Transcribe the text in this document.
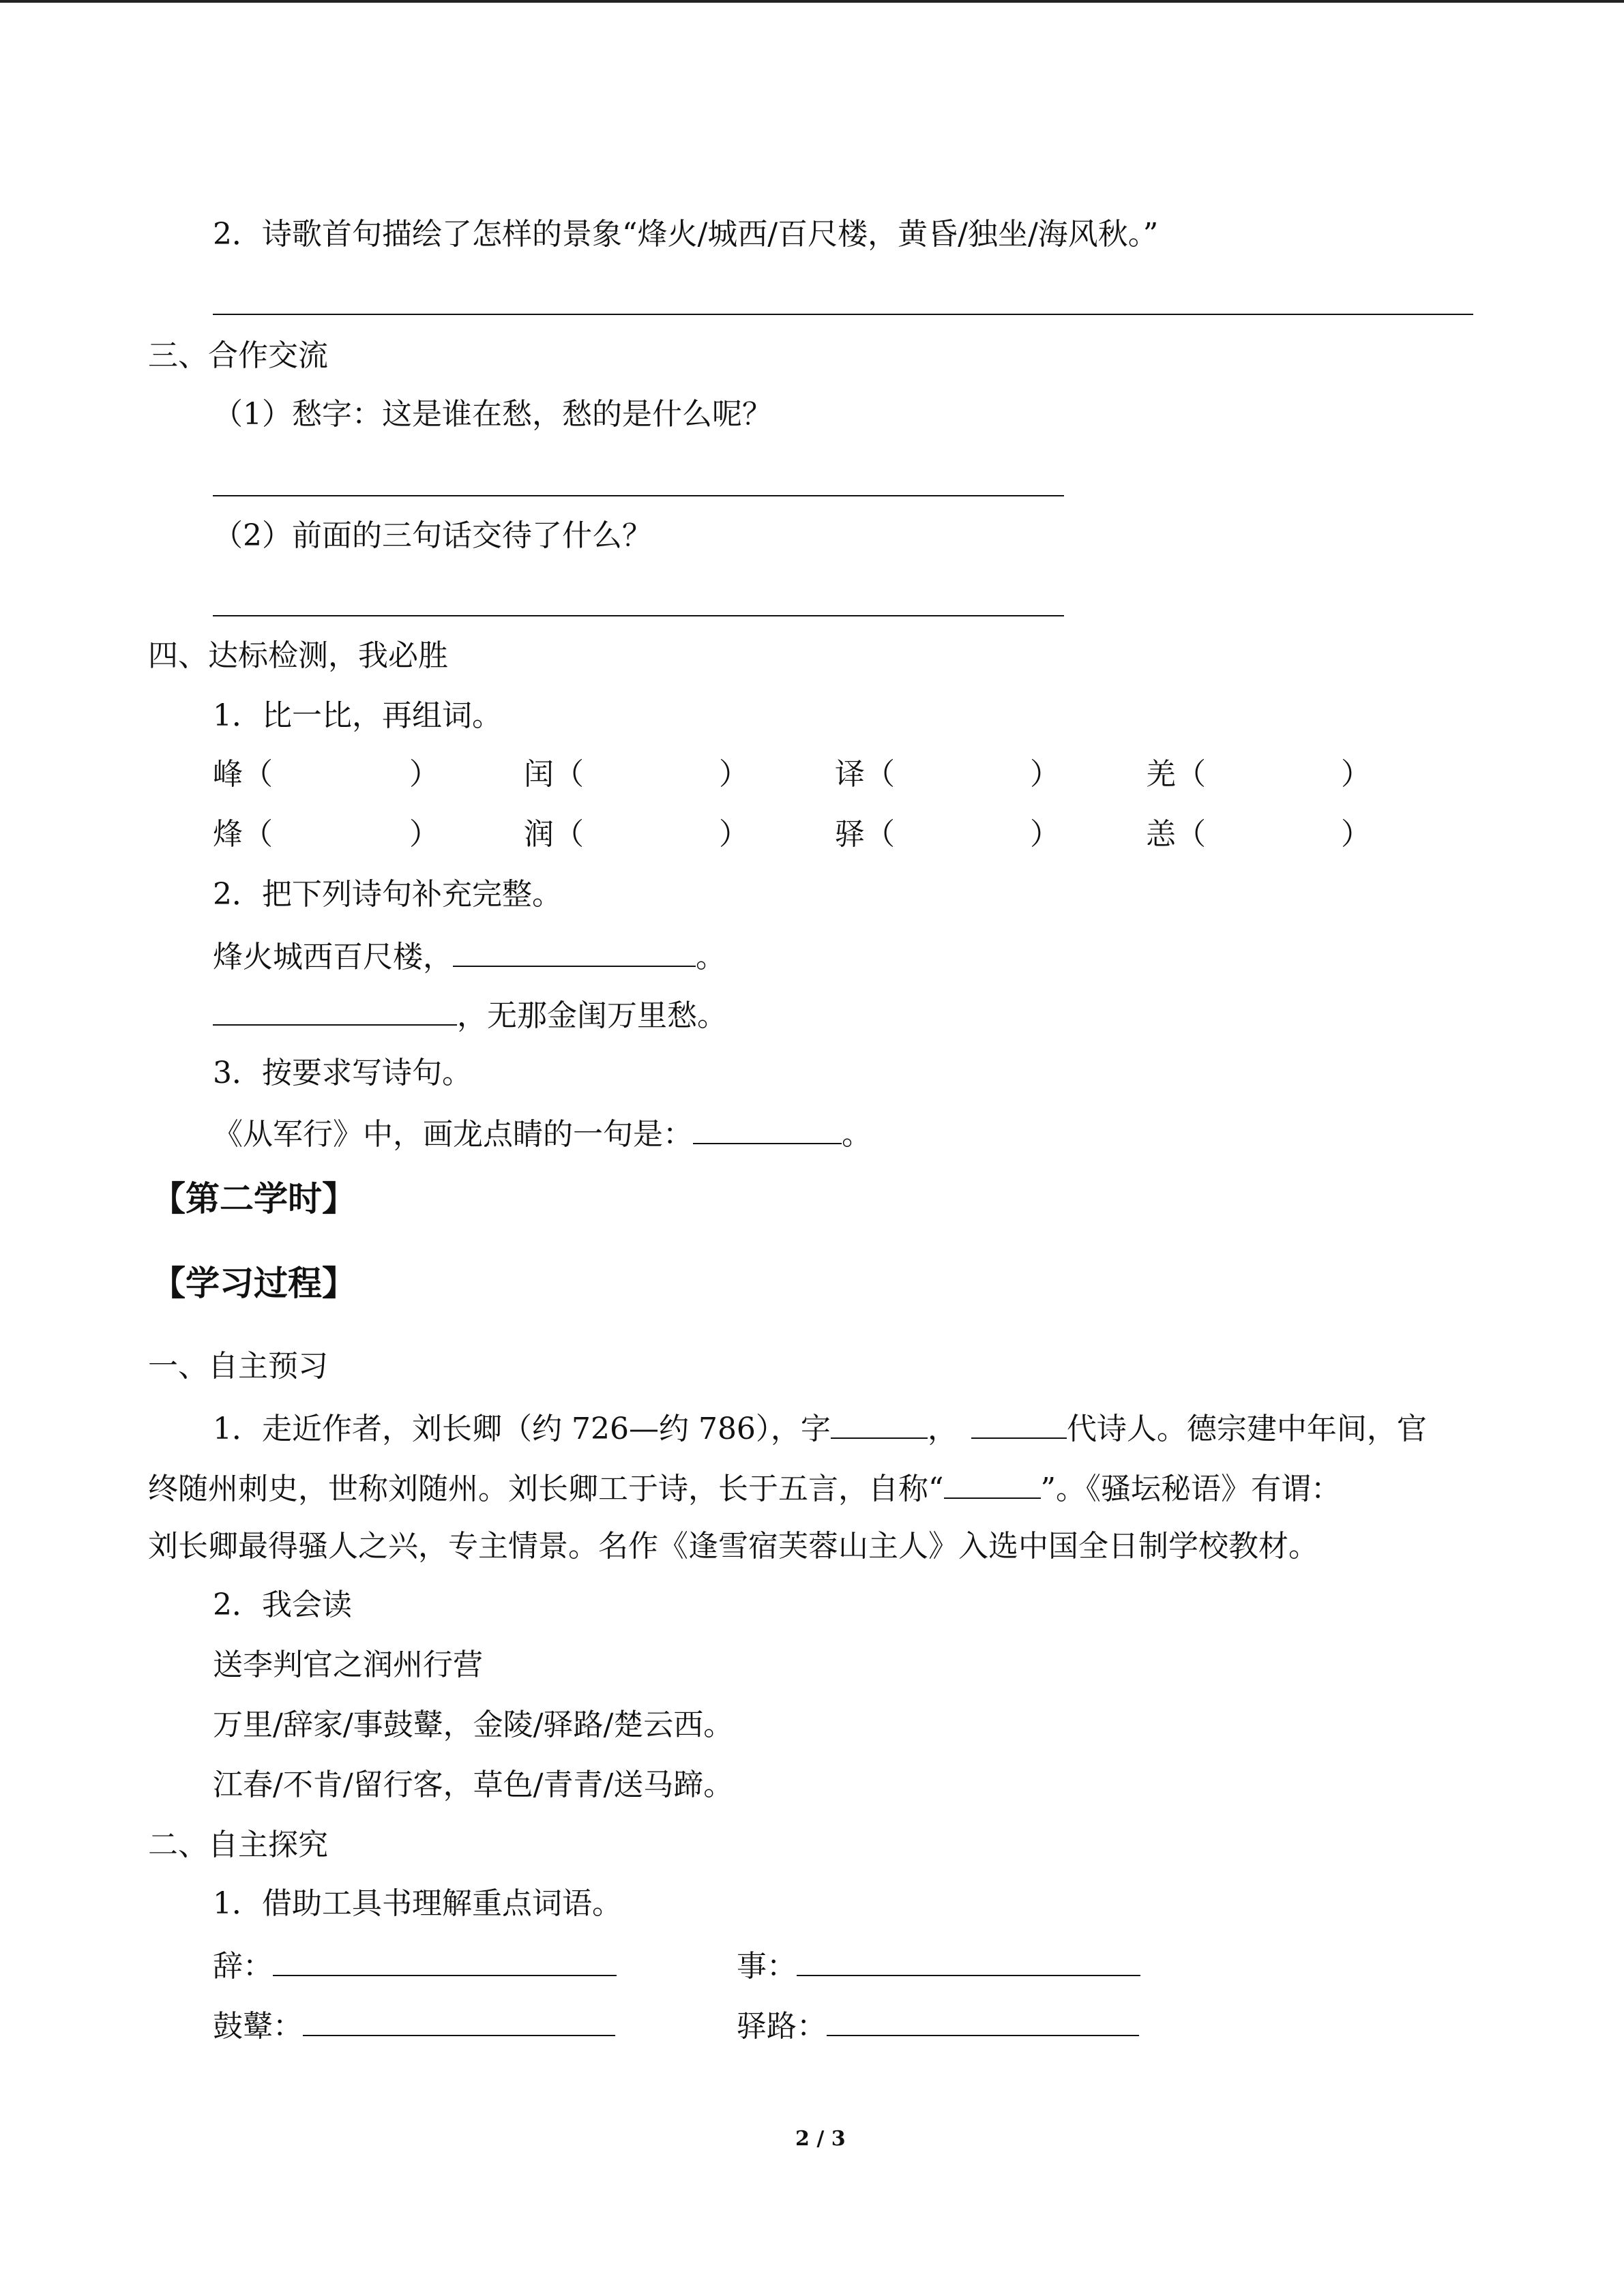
2．诗歌首句描绘了怎样的景象“烽火/城西/百尺楼，黄昏/独坐/海风秋。”
三、合作交流
（1）愁字：这是谁在愁，愁的是什么呢？
（2）前面的三句话交待了什么？
四、达标检测，我必胜
1．比一比，再组词。
峰（	）	闰（	）	译（	）	羌（	）
烽（	）	润（	）	驿（	）	恙（	）
2．把下列诗句补充完整。
烽火城西百尺楼，	。
，无那金闺万里愁。
3．按要求写诗句。
《从军行》中，画龙点睛的一句是：	。
【第二学时】
【学习过程】
一、自主预习
1．走近作者，刘长卿（约 726—约 786），字	，	代诗人。德宗建中年间，官
终随州刺史，世称刘随州。刘长卿工于诗，长于五言，自称“	”。《骚坛秘语》有谓：
刘长卿最得骚人之兴，专主情景。名作《逢雪宿芙蓉山主人》入选中国全日制学校教材。
2．我会读
送李判官之润州行营
万里/辞家/事鼓鼙，金陵/驿路/楚云西。
江春/不肯/留行客，草色/青青/送马蹄。
二、自主探究
1．借助工具书理解重点词语。
辞：	事：
鼓鼙：	驿路：
2 / 3
